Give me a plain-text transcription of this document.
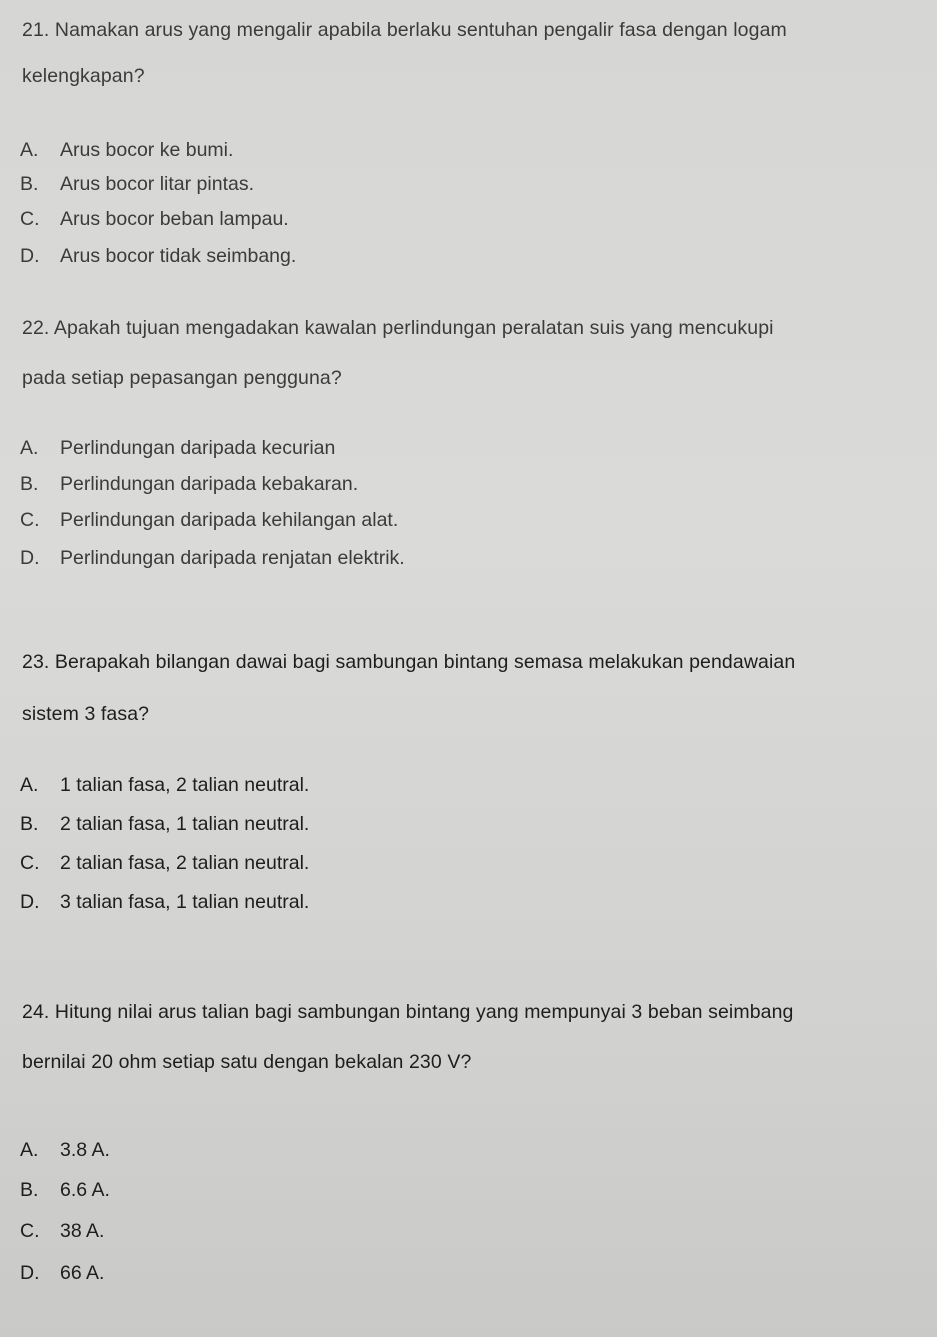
21. Namakan arus yang mengalir apabila berlaku sentuhan pengalir fasa dengan logam
kelengkapan?
A. Arus bocor ke bumi.
B. Arus bocor litar pintas.
C. Arus bocor beban lampau.
D. Arus bocor tidak seimbang.
22. Apakah tujuan mengadakan kawalan perlindungan peralatan suis yang mencukupi
pada setiap pepasangan pengguna?
A. Perlindungan daripada kecurian
B. Perlindungan daripada kebakaran.
C. Perlindungan daripada kehilangan alat.
D. Perlindungan daripada renjatan elektrik.
23. Berapakah bilangan dawai bagi sambungan bintang semasa melakukan pendawaian
sistem 3 fasa?
A. 1 talian fasa, 2 talian neutral.
B. 2 talian fasa, 1 talian neutral.
C. 2 talian fasa, 2 talian neutral.
D. 3 talian fasa, 1 talian neutral.
24. Hitung nilai arus talian bagi sambungan bintang yang mempunyai 3 beban seimbang
bernilai 20 ohm setiap satu dengan bekalan 230 V?
A. 3.8 A.
B. 6.6 A.
C. 38 A.
D. 66 A.
